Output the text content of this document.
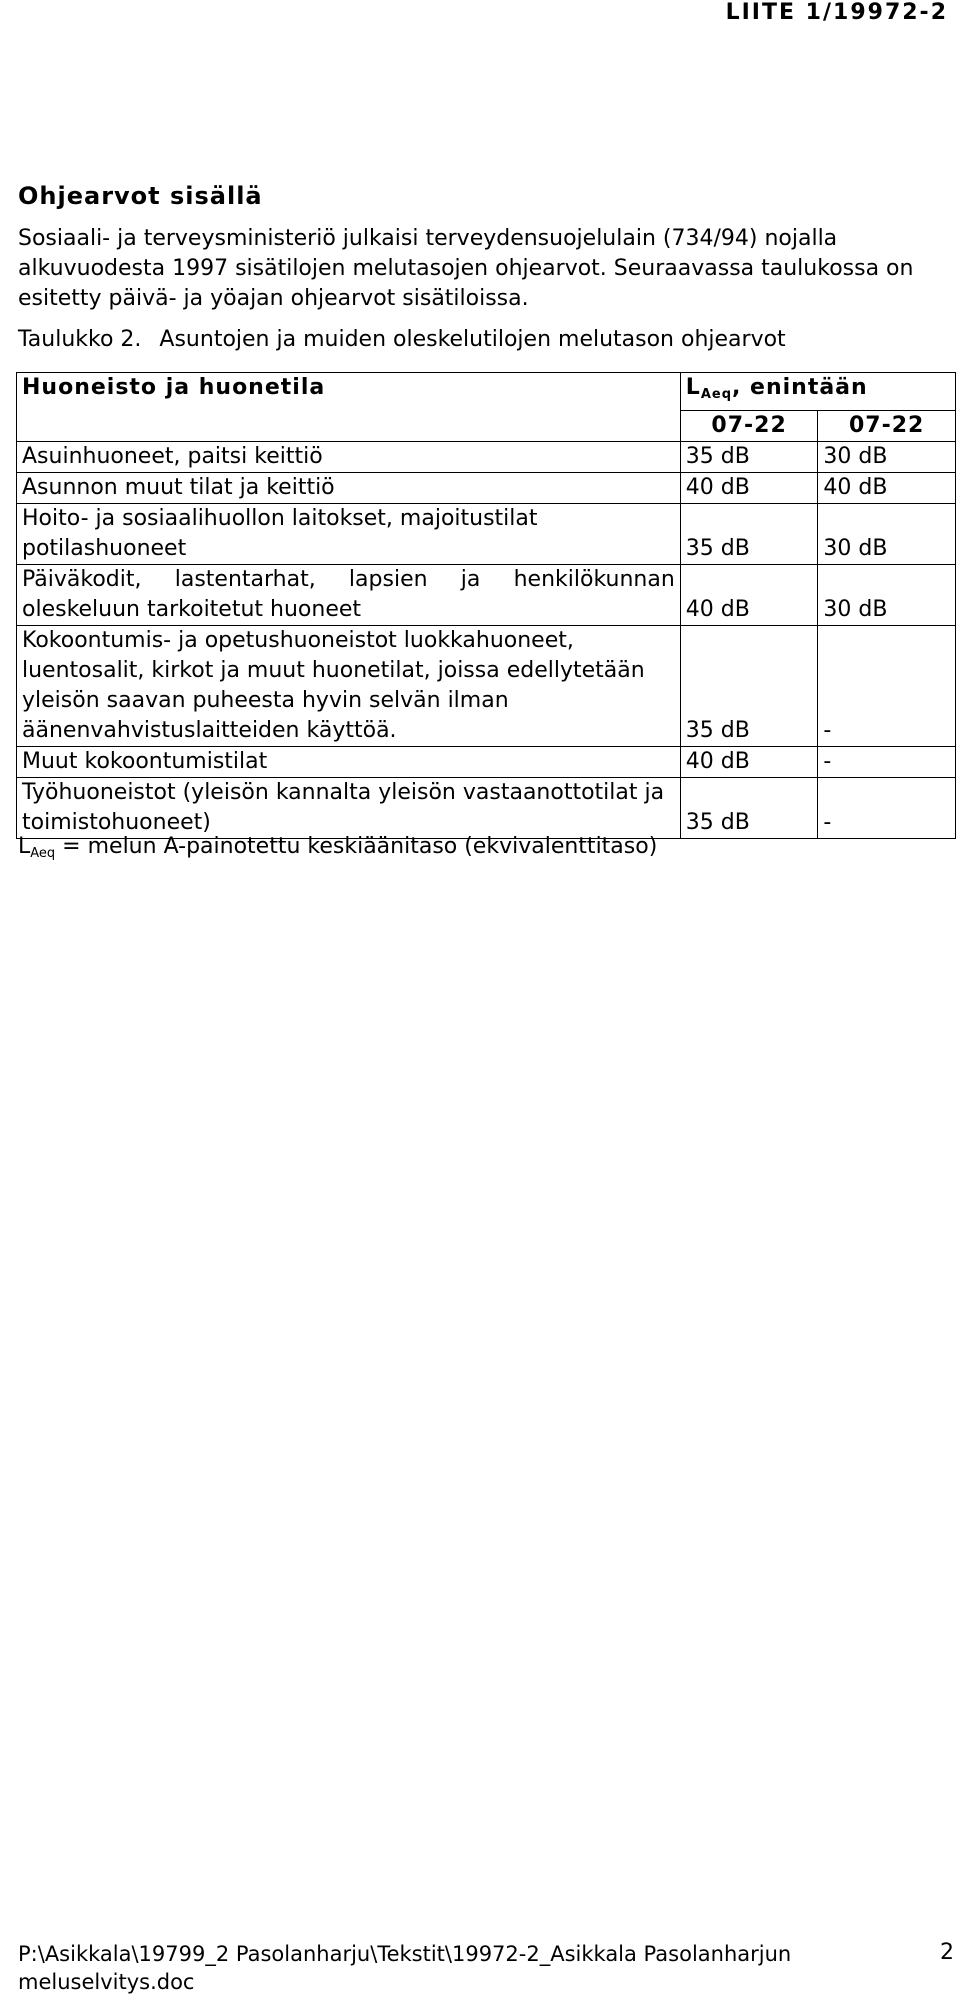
LIITE 1/19972-2
Ohjearvot sisällä
Sosiaali- ja terveysministeriö julkaisi terveydensuojelulain (734/94) nojalla alkuvuodesta 1997 sisätilojen melutasojen ohjearvot. Seuraavassa taulukossa on esitetty päivä- ja yöajan ohjearvot sisätiloissa.
Taulukko 2. Asuntojen ja muiden oleskelutilojen melutason ohjearvot
Huoneisto ja huonetila	$L_{Aeq}$, enintään	
	07-22	07-22
Asuinhuoneet, paitsi keittiö	35 dB	30 dB
Asunnon muut tilat ja keittiö	40 dB	40 dB
Hoito- ja sosiaalihuollon laitokset, majoitustilat potilashuoneet	35 dB	30 dB
Päiväkodit, lastentarhat, lapsien ja henkilökunnan oleskeluun tarkoitetut huoneet	40 dB	30 dB
Kokoontumis- ja opetushuoneistot luokkahuoneet, luentosalit, kirkot ja muut huonetilat, joissa edellytetään yleisön saavan puheesta hyvin selvän ilman äänenvahvistuslaitteiden käyttöä.	35 dB	-
Muut kokoontumistilat	40 dB	-
Työhuoneistot (yleisön kannalta yleisön vastaanottotilat ja toimistohuoneet)	35 dB	-
$L_{Aeq}$ = melun A-painotettu keskiäänitaso (ekvivalenttitaso)
P:\Asikkala\19799_2 Pasolanharju\Tekstit\19972-2_Asikkala Pasolanharjun meluselvitys.doc
2
